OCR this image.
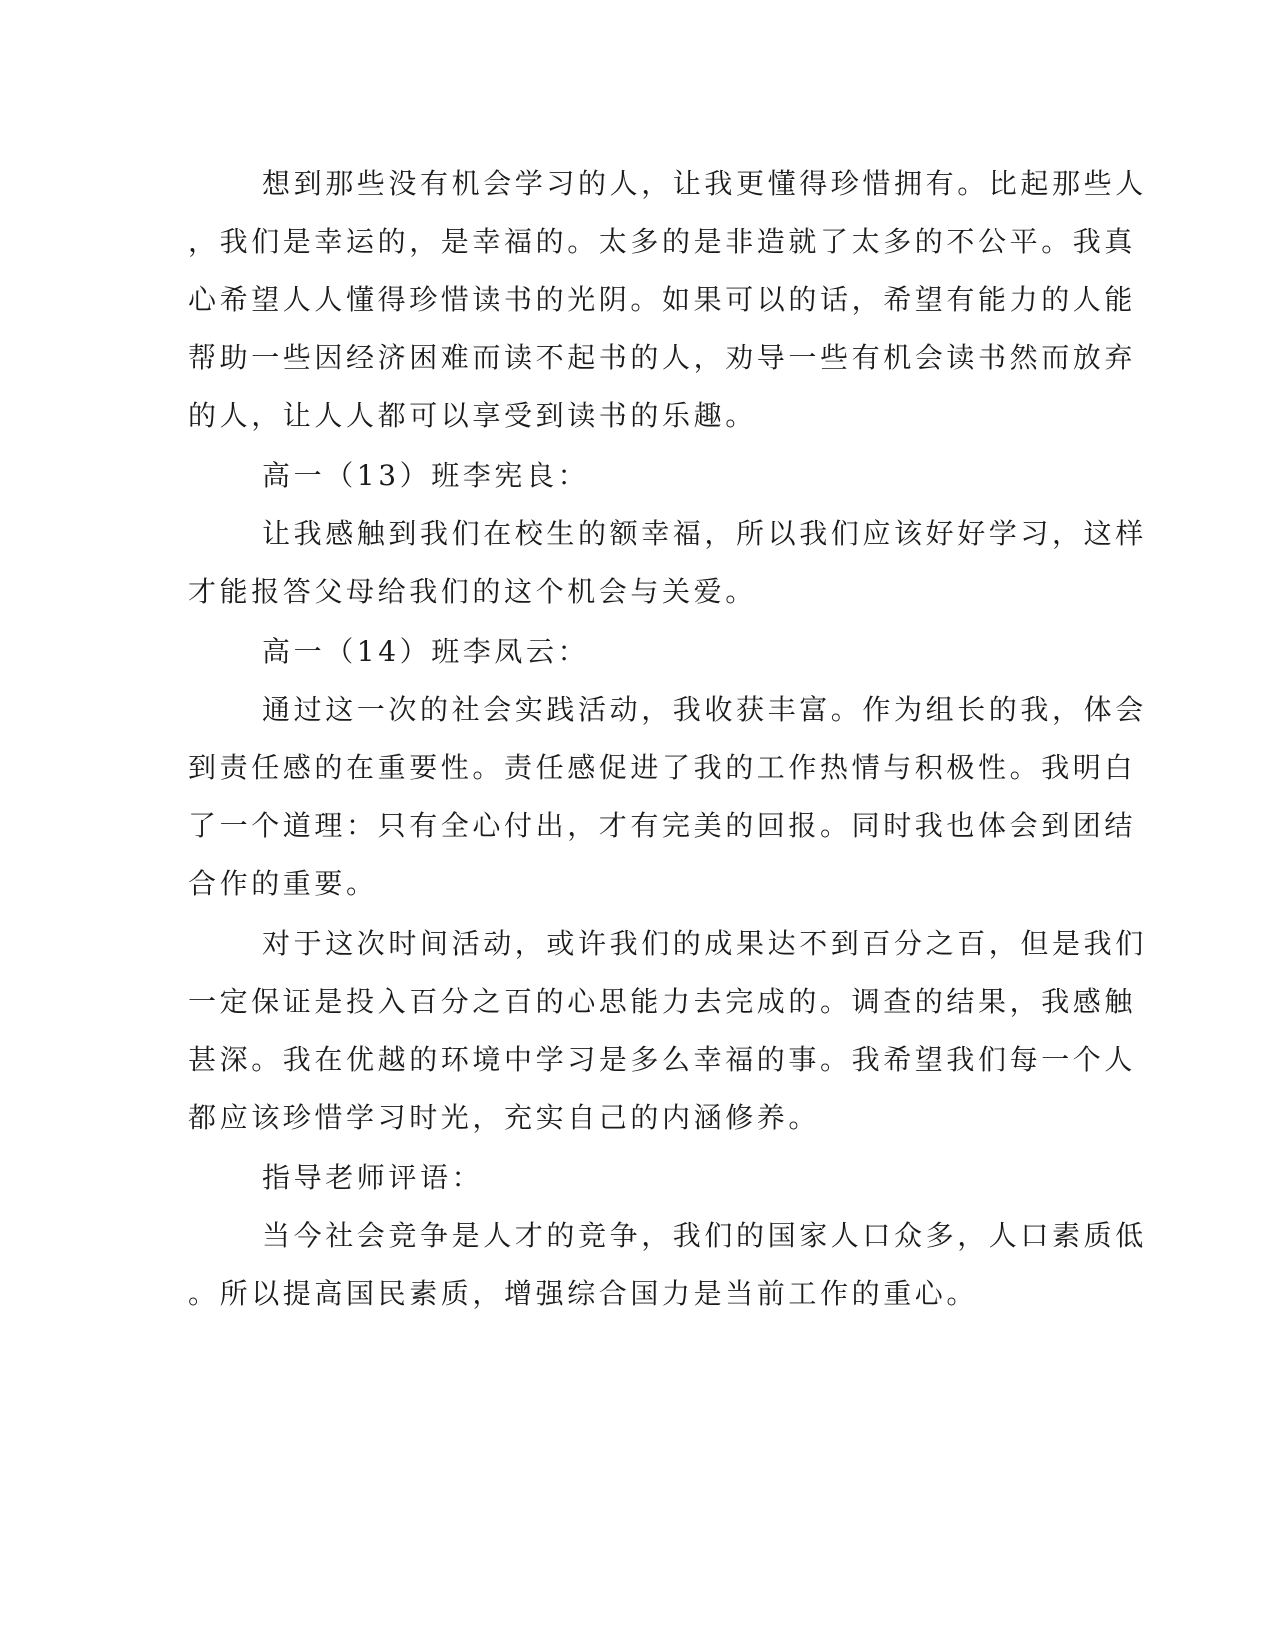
想到那些没有机会学习的人，让我更懂得珍惜拥有。比起那些人

，我们是幸运的，是幸福的。太多的是非造就了太多的不公平。我真

心希望人人懂得珍惜读书的光阴。如果可以的话，希望有能力的人能

帮助一些因经济困难而读不起书的人，劝导一些有机会读书然而放弃

的人，让人人都可以享受到读书的乐趣。

高一（13）班李宪良：

让我感触到我们在校生的额幸福，所以我们应该好好学习，这样

才能报答父母给我们的这个机会与关爱。

高一（14）班李凤云：

通过这一次的社会实践活动，我收获丰富。作为组长的我，体会

到责任感的在重要性。责任感促进了我的工作热情与积极性。我明白

了一个道理：只有全心付出，才有完美的回报。同时我也体会到团结

合作的重要。

对于这次时间活动，或许我们的成果达不到百分之百，但是我们

一定保证是投入百分之百的心思能力去完成的。调查的结果，我感触

甚深。我在优越的环境中学习是多么幸福的事。我希望我们每一个人

都应该珍惜学习时光，充实自己的内涵修养。

指导老师评语：

当今社会竞争是人才的竞争，我们的国家人口众多，人口素质低

。所以提高国民素质，增强综合国力是当前工作的重心。
